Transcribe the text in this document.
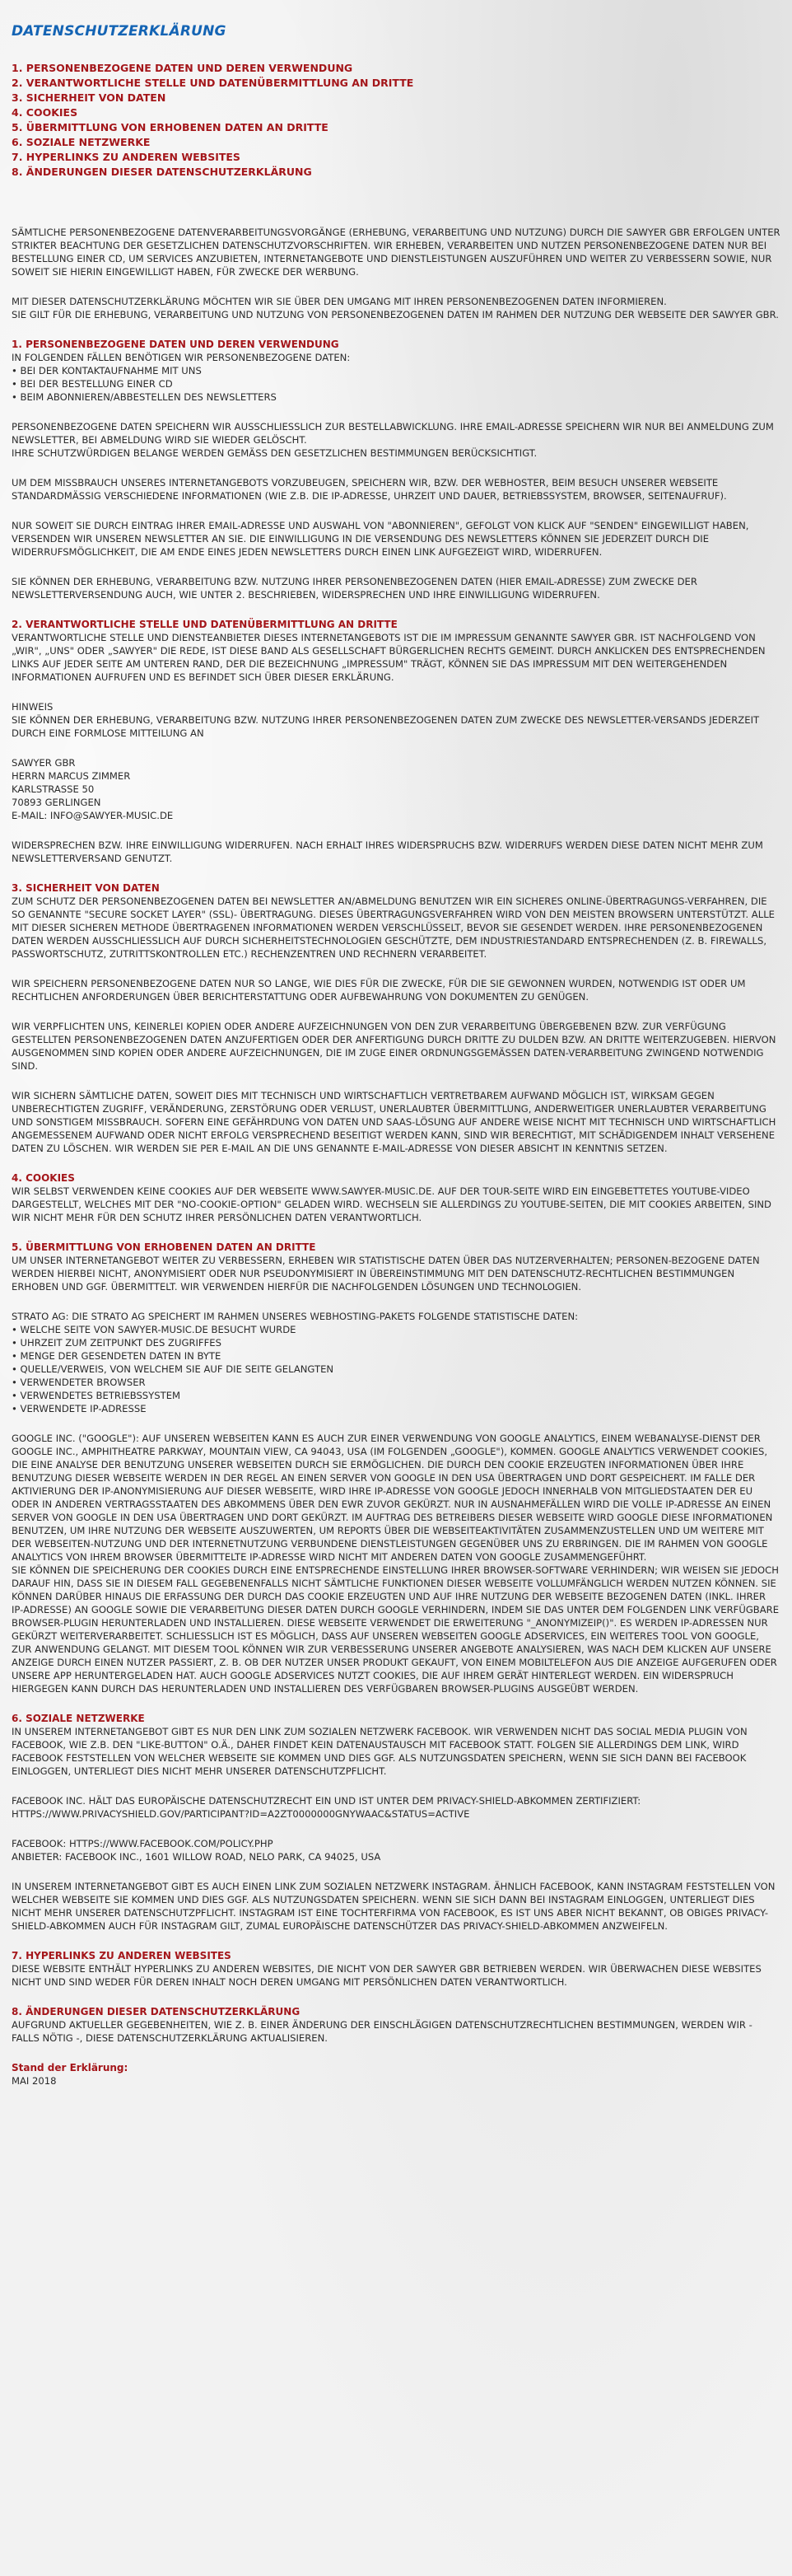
DATENSCHUTZERKLÄRUNG
1. PERSONENBEZOGENE DATEN UND DEREN VERWENDUNG
2. VERANTWORTLICHE STELLE UND DATENÜBERMITTLUNG AN DRITTE
3. SICHERHEIT VON DATEN
4. COOKIES
5. ÜBERMITTLUNG VON ERHOBENEN DATEN AN DRITTE
6. SOZIALE NETZWERKE
7. HYPERLINKS ZU ANDEREN WEBSITES
8. ÄNDERUNGEN DIESER DATENSCHUTZERKLÄRUNG

SÄMTLICHE PERSONENBEZOGENE DATENVERARBEITUNGSVORGÄNGE (ERHEBUNG, VERARBEITUNG UND NUTZUNG) DURCH DIE SAWYER GBR ERFOLGEN UNTER STRIKTER BEACHTUNG DER GESETZLICHEN DATENSCHUTZVORSCHRIFTEN. WIR ERHEBEN, VERARBEITEN UND NUTZEN PERSONENBEZOGENE DATEN NUR BEI BESTELLUNG EINER CD, UM SERVICES ANZUBIETEN, INTERNETANGEBOTE UND DIENSTLEISTUNGEN AUSZUFÜHREN UND WEITER ZU VERBESSERN SOWIE, NUR SOWEIT SIE HIERIN EINGEWILLIGT HABEN, FÜR ZWECKE DER WERBUNG.

MIT DIESER DATENSCHUTZERKLÄRUNG MÖCHTEN WIR SIE ÜBER DEN UMGANG MIT IHREN PERSONENBEZOGENEN DATEN INFORMIEREN.
SIE GILT FÜR DIE ERHEBUNG, VERARBEITUNG UND NUTZUNG VON PERSONENBEZOGENEN DATEN IM RAHMEN DER NUTZUNG DER WEBSEITE DER SAWYER GBR.

1. PERSONENBEZOGENE DATEN UND DEREN VERWENDUNG

IN FOLGENDEN FÄLLEN BENÖTIGEN WIR PERSONENBEZOGENE DATEN:

• BEI DER KONTAKTAUFNAHME MIT UNS
• BEI DER BESTELLUNG EINER CD
• BEIM ABONNIEREN/ABBESTELLEN DES NEWSLETTERS

PERSONENBEZOGENE DATEN SPEICHERN WIR AUSSCHLIESSLICH ZUR BESTELLABWICKLUNG. IHRE EMAIL-ADRESSE SPEICHERN WIR NUR BEI ANMELDUNG ZUM NEWSLETTER, BEI ABMELDUNG WIRD SIE WIEDER GELÖSCHT.
IHRE SCHUTZWÜRDIGEN BELANGE WERDEN GEMÄSS DEN GESETZLICHEN BESTIMMUNGEN BERÜCKSICHTIGT.

UM DEM MISSBRAUCH UNSERES INTERNETANGEBOTS VORZUBEUGEN, SPEICHERN WIR, BZW. DER WEBHOSTER, BEIM BESUCH UNSERER WEBSEITE STANDARDMÄSSIG VERSCHIEDENE INFORMATIONEN (WIE Z.B. DIE IP-ADRESSE, UHRZEIT UND DAUER, BETRIEBSSYSTEM, BROWSER, SEITENAUFRUF).

NUR SOWEIT SIE DURCH EINTRAG IHRER EMAIL-ADRESSE UND AUSWAHL VON "ABONNIEREN", GEFOLGT VON KLICK AUF "SENDEN" EINGEWILLIGT HABEN, VERSENDEN WIR UNSEREN NEWSLETTER AN SIE. DIE EINWILLIGUNG IN DIE VERSENDUNG DES NEWSLETTERS KÖNNEN SIE JEDERZEIT DURCH DIE WIDERRUFSMÖGLICHKEIT, DIE AM ENDE EINES JEDEN NEWSLETTERS DURCH EINEN LINK AUFGEZEIGT WIRD, WIDERRUFEN.

SIE KÖNNEN DER ERHEBUNG, VERARBEITUNG BZW. NUTZUNG IHRER PERSONENBEZOGENEN DATEN (HIER EMAIL-ADRESSE) ZUM ZWECKE DER NEWSLETTERVERSENDUNG AUCH, WIE UNTER 2. BESCHRIEBEN, WIDERSPRECHEN UND IHRE EINWILLIGUNG WIDERRUFEN.

2. VERANTWORTLICHE STELLE UND DATENÜBERMITTLUNG AN DRITTE

VERANTWORTLICHE STELLE UND DIENSTEANBIETER DIESES INTERNETANGEBOTS IST DIE IM IMPRESSUM GENANNTE SAWYER GBR. IST NACHFOLGEND VON „WIR", „UNS" ODER „SAWYER" DIE REDE, IST DIESE BAND ALS GESELLSCHAFT BÜRGERLICHEN RECHTS GEMEINT. DURCH ANKLICKEN DES ENTSPRECHENDEN LINKS AUF JEDER SEITE AM UNTEREN RAND, DER DIE BEZEICHNUNG „IMPRESSUM" TRÄGT, KÖNNEN SIE DAS IMPRESSUM MIT DEN WEITERGEHENDEN INFORMATIONEN AUFRUFEN UND ES BEFINDET SICH ÜBER DIESER ERKLÄRUNG.

HINWEIS

SIE KÖNNEN DER ERHEBUNG, VERARBEITUNG BZW. NUTZUNG IHRER PERSONENBEZOGENEN DATEN ZUM ZWECKE DES NEWSLETTER-VERSANDS JEDERZEIT DURCH EINE FORMLOSE MITTEILUNG AN

SAWYER GBR

HERRN MARCUS ZIMMER

KARLSTRASSE 50

70893 GERLINGEN

E-MAIL: INFO@SAWYER-MUSIC.DE

WIDERSPRECHEN BZW. IHRE EINWILLIGUNG WIDERRUFEN. NACH ERHALT IHRES WIDERSPRUCHS BZW. WIDERRUFS WERDEN DIESE DATEN NICHT MEHR ZUM NEWSLETTERVERSAND GENUTZT.

3. SICHERHEIT VON DATEN

ZUM SCHUTZ DER PERSONENBEZOGENEN DATEN BEI NEWSLETTER AN/ABMELDUNG BENUTZEN WIR EIN SICHERES ONLINE-ÜBERTRAGUNGS-VERFAHREN, DIE SO GENANNTE "SECURE SOCKET LAYER" (SSL)- ÜBERTRAGUNG. DIESES ÜBERTRAGUNGSVERFAHREN WIRD VON DEN MEISTEN BROWSERN UNTERSTÜTZT. ALLE MIT DIESER SICHEREN METHODE ÜBERTRAGENEN INFORMATIONEN WERDEN VERSCHLÜSSELT, BEVOR SIE GESENDET WERDEN. IHRE PERSONENBEZOGENEN DATEN WERDEN AUSSCHLIESSLICH AUF DURCH SICHERHEITSTECHNOLOGIEN GESCHÜTZTE, DEM INDUSTRIESTANDARD ENTSPRECHENDEN (Z. B. FIREWALLS, PASSWORTSCHUTZ, ZUTRITTSKONTROLLEN ETC.) RECHENZENTREN UND RECHNERN VERARBEITET.

WIR SPEICHERN PERSONENBEZOGENE DATEN NUR SO LANGE, WIE DIES FÜR DIE ZWECKE, FÜR DIE SIE GEWONNEN WURDEN, NOTWENDIG IST ODER UM RECHTLICHEN ANFORDERUNGEN ÜBER BERICHTERSTATTUNG ODER AUFBEWAHRUNG VON DOKUMENTEN ZU GENÜGEN.

WIR VERPFLICHTEN UNS, KEINERLEI KOPIEN ODER ANDERE AUFZEICHNUNGEN VON DEN ZUR VERARBEITUNG ÜBERGEBENEN BZW. ZUR VERFÜGUNG GESTELLTEN PERSONENBEZOGENEN DATEN ANZUFERTIGEN ODER DER ANFERTIGUNG DURCH DRITTE ZU DULDEN BZW. AN DRITTE WEITERZUGEBEN. HIERVON AUSGENOMMEN SIND KOPIEN ODER ANDERE AUFZEICHNUNGEN, DIE IM ZUGE EINER ORDNUNGSGEMÄSSEN DATEN-VERARBEITUNG ZWINGEND NOTWENDIG SIND.

WIR SICHERN SÄMTLICHE DATEN, SOWEIT DIES MIT TECHNISCH UND WIRTSCHAFTLICH VERTRETBAREM AUFWAND MÖGLICH IST, WIRKSAM GEGEN UNBERECHTIGTEN ZUGRIFF, VERÄNDERUNG, ZERSTÖRUNG ODER VERLUST, UNERLAUBTER ÜBERMITTLUNG, ANDERWEITIGER UNERLAUBTER VERARBEITUNG UND SONSTIGEM MISSBRAUCH. SOFERN EINE GEFÄHRDUNG VON DATEN UND SAAS-LÖSUNG AUF ANDERE WEISE NICHT MIT TECHNISCH UND WIRTSCHAFTLICH ANGEMESSENEM AUFWAND ODER NICHT ERFOLG VERSPRECHEND BESEITIGT WERDEN KANN, SIND WIR BERECHTIGT, MIT SCHÄDIGENDEM INHALT VERSEHENE DATEN ZU LÖSCHEN. WIR WERDEN SIE PER E-MAIL AN DIE UNS GENANNTE E-MAIL-ADRESSE VON DIESER ABSICHT IN KENNTNIS SETZEN.

4. COOKIES

WIR SELBST VERWENDEN KEINE COOKIES AUF DER WEBSEITE WWW.SAWYER-MUSIC.DE. AUF DER TOUR-SEITE WIRD EIN EINGEBETTETES YOUTUBE-VIDEO DARGESTELLT, WELCHES MIT DER "NO-COOKIE-OPTION" GELADEN WIRD. WECHSELN SIE ALLERDINGS ZU YOUTUBE-SEITEN, DIE MIT COOKIES ARBEITEN, SIND WIR NICHT MEHR FÜR DEN SCHUTZ IHRER PERSÖNLICHEN DATEN VERANTWORTLICH.

5. ÜBERMITTLUNG VON ERHOBENEN DATEN AN DRITTE

UM UNSER INTERNETANGEBOT WEITER ZU VERBESSERN, ERHEBEN WIR STATISTISCHE DATEN ÜBER DAS NUTZERVERHALTEN; PERSONEN-BEZOGENE DATEN WERDEN HIERBEI NICHT, ANONYMISIERT ODER NUR PSEUDONYMISIERT IN ÜBEREINSTIMMUNG MIT DEN DATENSCHUTZ-RECHTLICHEN BESTIMMUNGEN ERHOBEN UND GGF. ÜBERMITTELT. WIR VERWENDEN HIERFÜR DIE NACHFOLGENDEN LÖSUNGEN UND TECHNOLOGIEN.

STRATO AG: DIE STRATO AG SPEICHERT IM RAHMEN UNSERES WEBHOSTING-PAKETS FOLGENDE STATISTISCHE DATEN:

• WELCHE SEITE VON SAWYER-MUSIC.DE BESUCHT WURDE
• UHRZEIT ZUM ZEITPUNKT DES ZUGRIFFES
• MENGE DER GESENDETEN DATEN IN BYTE
• QUELLE/VERWEIS, VON WELCHEM SIE AUF DIE SEITE GELANGTEN
• VERWENDETER BROWSER
• VERWENDETES BETRIEBSSYSTEM
• VERWENDETE IP-ADRESSE

GOOGLE INC. ("GOOGLE"): AUF UNSEREN WEBSEITEN KANN ES AUCH ZUR EINER VERWENDUNG VON GOOGLE ANALYTICS, EINEM WEBANALYSE-DIENST DER GOOGLE INC., AMPHITHEATRE PARKWAY, MOUNTAIN VIEW, CA 94043, USA (IM FOLGENDEN „GOOGLE"), KOMMEN. GOOGLE ANALYTICS VERWENDET COOKIES, DIE EINE ANALYSE DER BENUTZUNG UNSERER WEBSEITEN DURCH SIE ERMÖGLICHEN. DIE DURCH DEN COOKIE ERZEUGTEN INFORMATIONEN ÜBER IHRE BENUTZUNG DIESER WEBSEITE WERDEN IN DER REGEL AN EINEN SERVER VON GOOGLE IN DEN USA ÜBERTRAGEN UND DORT GESPEICHERT. IM FALLE DER AKTIVIERUNG DER IP-ANONYMISIERUNG AUF DIESER WEBSEITE, WIRD IHRE IP-ADRESSE VON GOOGLE JEDOCH INNERHALB VON MITGLIEDSTAATEN DER EU ODER IN ANDEREN VERTRAGSSTAATEN DES ABKOMMENS ÜBER DEN EWR ZUVOR GEKÜRZT. NUR IN AUSNAHMEFÄLLEN WIRD DIE VOLLE IP-ADRESSE AN EINEN SERVER VON GOOGLE IN DEN USA ÜBERTRAGEN UND DORT GEKÜRZT. IM AUFTRAG DES BETREIBERS DIESER WEBSEITE WIRD GOOGLE DIESE INFORMATIONEN BENUTZEN, UM IHRE NUTZUNG DER WEBSEITE AUSZUWERTEN, UM REPORTS ÜBER DIE WEBSEITEAKTIVITÄTEN ZUSAMMENZUSTELLEN UND UM WEITERE MIT DER WEBSEITEN-NUTZUNG UND DER INTERNETNUTZUNG VERBUNDENE DIENSTLEISTUNGEN GEGENÜBER UNS ZU ERBRINGEN. DIE IM RAHMEN VON GOOGLE ANALYTICS VON IHREM BROWSER ÜBERMITTELTE IP-ADRESSE WIRD NICHT MIT ANDEREN DATEN VON GOOGLE ZUSAMMENGEFÜHRT.
SIE KÖNNEN DIE SPEICHERUNG DER COOKIES DURCH EINE ENTSPRECHENDE EINSTELLUNG IHRER BROWSER-SOFTWARE VERHINDERN; WIR WEISEN SIE JEDOCH DARAUF HIN, DASS SIE IN DIESEM FALL GEGEBENENFALLS NICHT SÄMTLICHE FUNKTIONEN DIESER WEBSEITE VOLLUMFÄNGLICH WERDEN NUTZEN KÖNNEN. SIE KÖNNEN DARÜBER HINAUS DIE ERFASSUNG DER DURCH DAS COOKIE ERZEUGTEN UND AUF IHRE NUTZUNG DER WEBSEITE BEZOGENEN DATEN (INKL. IHRER IP-ADRESSE) AN GOOGLE SOWIE DIE VERARBEITUNG DIESER DATEN DURCH GOOGLE VERHINDERN, INDEM SIE DAS UNTER DEM FOLGENDEN LINK VERFÜGBARE BROWSER-PLUGIN HERUNTERLADEN UND INSTALLIEREN. DIESE WEBSEITE VERWENDET DIE ERWEITERUNG "_ANONYMIZEIP()". ES WERDEN IP-ADRESSEN NUR GEKÜRZT WEITERVERARBEITET. SCHLIESSLICH IST ES MÖGLICH, DASS AUF UNSEREN WEBSEITEN GOOGLE ADSERVICES, EIN WEITERES TOOL VON GOOGLE, ZUR ANWENDUNG GELANGT. MIT DIESEM TOOL KÖNNEN WIR ZUR VERBESSERUNG UNSERER ANGEBOTE ANALYSIEREN, WAS NACH DEM KLICKEN AUF UNSERE ANZEIGE DURCH EINEN NUTZER PASSIERT, Z. B. OB DER NUTZER UNSER PRODUKT GEKAUFT, VON EINEM MOBILTELEFON AUS DIE ANZEIGE AUFGERUFEN ODER UNSERE APP HERUNTERGELADEN HAT. AUCH GOOGLE ADSERVICES NUTZT COOKIES, DIE AUF IHREM GERÄT HINTERLEGT WERDEN. EIN WIDERSPRUCH HIERGEGEN KANN DURCH DAS HERUNTERLADEN UND INSTALLIEREN DES VERFÜGBAREN BROWSER-PLUGINS AUSGEÜBT WERDEN.

6. SOZIALE NETZWERKE

IN UNSEREM INTERNETANGEBOT GIBT ES NUR DEN LINK ZUM SOZIALEN NETZWERK FACEBOOK. WIR VERWENDEN NICHT DAS SOCIAL MEDIA PLUGIN VON FACEBOOK, WIE Z.B. DEN "LIKE-BUTTON" O.Ä., DAHER FINDET KEIN DATENAUSTAUSCH MIT FACEBOOK STATT. FOLGEN SIE ALLERDINGS DEM LINK, WIRD FACEBOOK FESTSTELLEN VON WELCHER WEBSEITE SIE KOMMEN UND DIES GGF. ALS NUTZUNGSDATEN SPEICHERN, WENN SIE SICH DANN BEI FACEBOOK EINLOGGEN, UNTERLIEGT DIES NICHT MEHR UNSERER DATENSCHUTZPFLICHT.

FACEBOOK INC. HÄLT DAS EUROPÄISCHE DATENSCHUTZRECHT EIN UND IST UNTER DEM PRIVACY-SHIELD-ABKOMMEN ZERTIFIZIERT:
HTTPS://WWW.PRIVACYSHIELD.GOV/PARTICIPANT?ID=A2ZT0000000GNYWAAC&STATUS=ACTIVE

FACEBOOK: HTTPS://WWW.FACEBOOK.COM/POLICY.PHP
ANBIETER: FACEBOOK INC., 1601 WILLOW ROAD, NELO PARK, CA 94025, USA

IN UNSEREM INTERNETANGEBOT GIBT ES AUCH EINEN LINK ZUM SOZIALEN NETZWERK INSTAGRAM. ÄHNLICH FACEBOOK, KANN INSTAGRAM FESTSTELLEN VON WELCHER WEBSEITE SIE KOMMEN UND DIES GGF. ALS NUTZUNGSDATEN SPEICHERN. WENN SIE SICH DANN BEI INSTAGRAM EINLOGGEN, UNTERLIEGT DIES NICHT MEHR UNSERER DATENSCHUTZPFLICHT. INSTAGRAM IST EINE TOCHTERFIRMA VON FACEBOOK, ES IST UNS ABER NICHT BEKANNT, OB OBIGES PRIVACY-SHIELD-ABKOMMEN AUCH FÜR INSTAGRAM GILT, ZUMAL EUROPÄISCHE DATENSCHÜTZER DAS PRIVACY-SHIELD-ABKOMMEN ANZWEIFELN.

7. HYPERLINKS ZU ANDEREN WEBSITES

DIESE WEBSITE ENTHÄLT HYPERLINKS ZU ANDEREN WEBSITES, DIE NICHT VON DER SAWYER GBR BETRIEBEN WERDEN. WIR ÜBERWACHEN DIESE WEBSITES NICHT UND SIND WEDER FÜR DEREN INHALT NOCH DEREN UMGANG MIT PERSÖNLICHEN DATEN VERANTWORTLICH.

8. ÄNDERUNGEN DIESER DATENSCHUTZERKLÄRUNG

AUFGRUND AKTUELLER GEGEBENHEITEN, WIE Z. B. EINER ÄNDERUNG DER EINSCHLÄGIGEN DATENSCHUTZRECHTLICHEN BESTIMMUNGEN, WERDEN WIR - FALLS NÖTIG -, DIESE DATENSCHUTZERKLÄRUNG AKTUALISIEREN.

Stand der Erklärung:

MAI 2018
